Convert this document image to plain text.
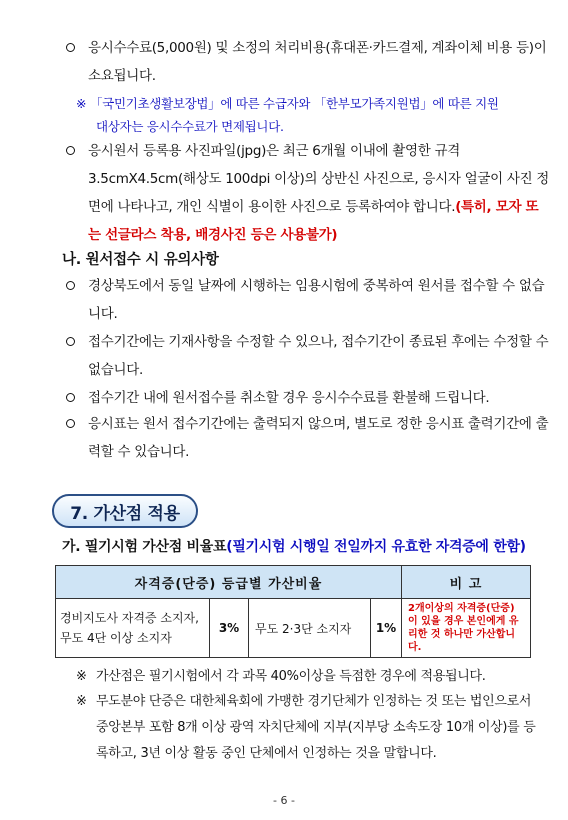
응시수수료(5,000원) 및 소정의 처리비용(휴대폰·카드결제, 계좌이체 비용 등)이 소요됩니다.
※ 「국민기초생활보장법」에 따른 수급자와 「한부모가족지원법」에 따른 지원
대상자는 응시수수료가 면제됩니다.
응시원서 등록용 사진파일(jpg)은 최근 6개월 이내에 촬영한 규격 3.5cmX4.5cm(해상도 100dpi 이상)의 상반신 사진으로, 응시자 얼굴이 사진 정면에 나타나고, 개인 식별이 용이한 사진으로 등록하여야 합니다.(특히, 모자 또는 선글라스 착용, 배경사진 등은 사용불가)
나. 원서접수 시 유의사항
경상북도에서 동일 날짜에 시행하는 임용시험에 중복하여 원서를 접수할 수 없습니다.
접수기간에는 기재사항을 수정할 수 있으나, 접수기간이 종료된 후에는 수정할 수 없습니다.
접수기간 내에 원서접수를 취소할 경우 응시수수료를 환불해 드립니다.
응시표는 원서 접수기간에는 출력되지 않으며, 별도로 정한 응시표 출력기간에 출력할 수 있습니다.
7. 가산점 적용
가. 필기시험 가산점 비율표(필기시험 시행일 전일까지 유효한 자격증에 한함)
자격증(단증) 등급별 가산비율				비 고
경비지도사 자격증 소지자, 무도 4단 이상 소지자	3%	무도 2·3단 소지자	1%	2개이상의 자격증(단증)이 있을 경우 본인에게 유리한 것 하나만 가산합니다.
※ 가산점은 필기시험에서 각 과목 40%이상을 득점한 경우에 적용됩니다.
※ 무도분야 단증은 대한체육회에 가맹한 경기단체가 인정하는 것 또는 법인으로서 중앙본부 포함 8개 이상 광역 자치단체에 지부(지부당 소속도장 10개 이상)를 등록하고, 3년 이상 활동 중인 단체에서 인정하는 것을 말합니다.
- 6 -
